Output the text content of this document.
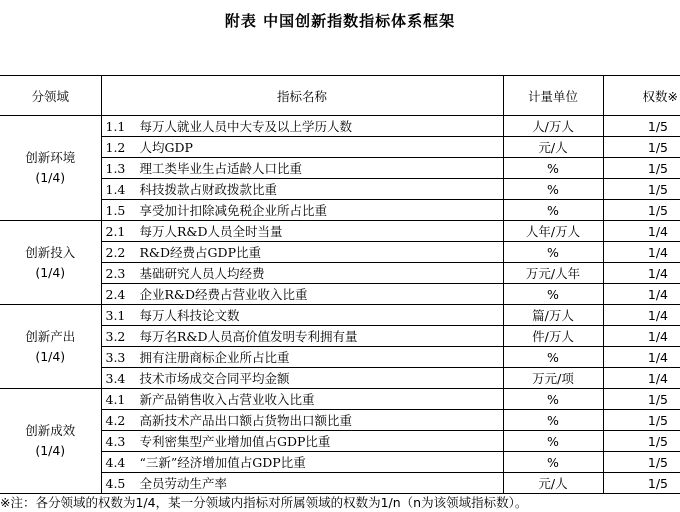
附表 中国创新指数指标体系框架
分领域	指标名称	计量单位	权数※

创新环境
(1/4)	1.1 每万人就业人员中大专及以上学历人数	人/万人	1/5
	1.2 人均GDP	元/人	1/5
	1.3 理工类毕业生占适龄人口比重	%	1/5
	1.4 科技拨款占财政拨款比重	%	1/5
	1.5 享受加计扣除减免税企业所占比重	%	1/5

创新投入
(1/4)	2.1 每万人R&D人员全时当量	人年/万人	1/4
	2.2 R&D经费占GDP比重	%	1/4
	2.3 基础研究人员人均经费	万元/人年	1/4
	2.4 企业R&D经费占营业收入比重	%	1/4

创新产出
(1/4)	3.1 每万人科技论文数	篇/万人	1/4
	3.2 每万名R&D人员高价值发明专利拥有量	件/万人	1/4
	3.3 拥有注册商标企业所占比重	%	1/4
	3.4 技术市场成交合同平均金额	万元/项	1/4

创新成效
(1/4)	4.1 新产品销售收入占营业收入比重	%	1/5
	4.2 高新技术产品出口额占货物出口额比重	%	1/5
	4.3 专利密集型产业增加值占GDP比重	%	1/5
	4.4 “三新”经济增加值占GDP比重	%	1/5
	4.5 全员劳动生产率	元/人	1/5
※注：各分领域的权数为1/4，某一分领域内指标对所属领域的权数为1/n（n为该领域指标数）。
